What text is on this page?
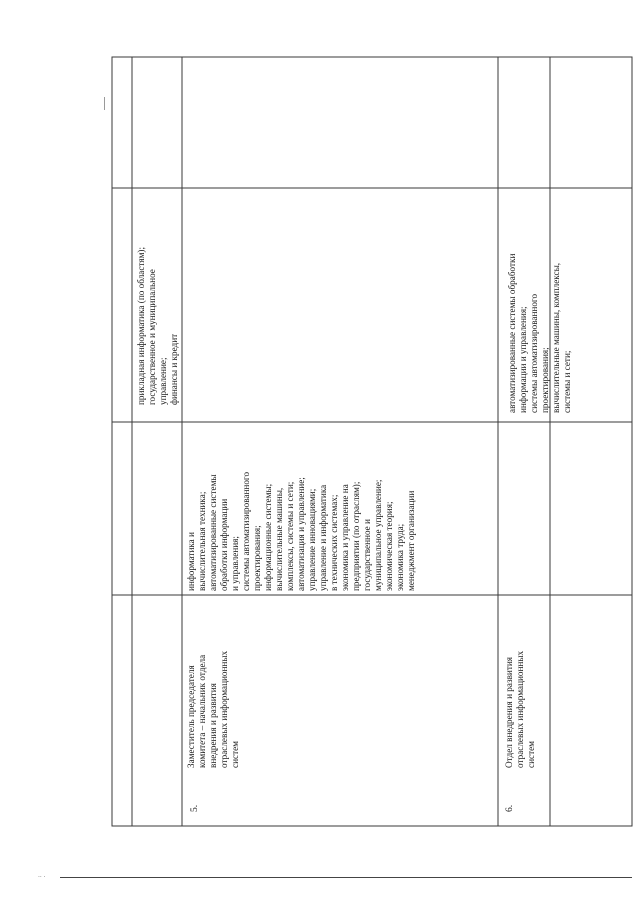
прикладная информатика (по областям); государственное и муниципальное управление; финансы и кредит
5.
Заместитель председателя комитета – начальник отдела внедрения и развития отраслевых информационных систем
информатика и вычислительная техника; автоматизированные системы обработки информации и управления; системы автоматизированного проектирования; информационные системы; вычислительные машины, комплексы, системы и сети; автоматизация и управление; управление инновациями; управление и информатика в технических системах; экономика и управление на предприятии (по отраслям); государственное и муниципальное управление; экономическая теория; экономика труда; менеджмент организации
6.
Отдел внедрения и развития отраслевых информационных систем
автоматизированные системы обработки информации и управления; системы автоматизированного проектирования; вычислительные машины, комплексы, системы и сети;
·· ·
